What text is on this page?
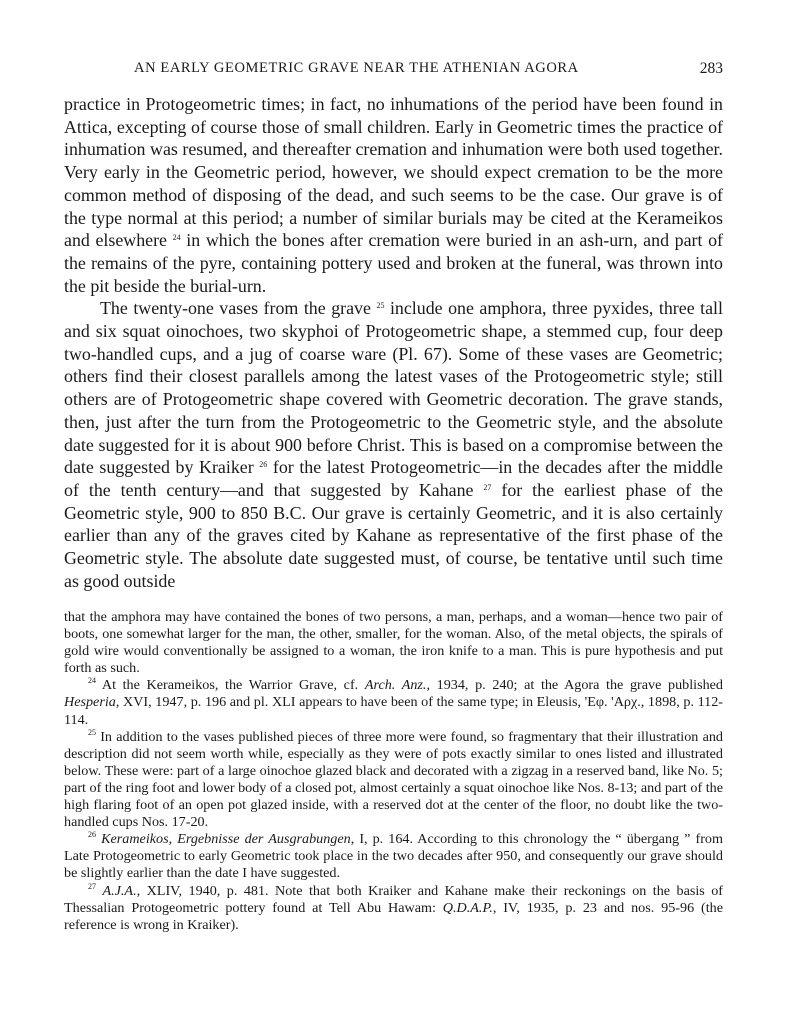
AN EARLY GEOMETRIC GRAVE NEAR THE ATHENIAN AGORA	283

practice in Protogeometric times; in fact, no inhumations of the period have been found in Attica, excepting of course those of small children. Early in Geometric times the practice of inhumation was resumed, and thereafter cremation and inhumation were both used together. Very early in the Geometric period, however, we should expect cremation to be the more common method of disposing of the dead, and such seems to be the case. Our grave is of the type normal at this period; a number of similar burials may be cited at the Kerameikos and elsewhere $^{24}$ in which the bones after cremation were buried in an ash-urn, and part of the remains of the pyre, containing pottery used and broken at the funeral, was thrown into the pit beside the burial-urn.

The twenty-one vases from the grave $^{25}$ include one amphora, three pyxides, three tall and six squat oinochoes, two skyphoi of Protogeometric shape, a stemmed cup, four deep two-handled cups, and a jug of coarse ware (Pl. 67). Some of these vases are Geometric; others find their closest parallels among the latest vases of the Protogeometric style; still others are of Protogeometric shape covered with Geometric decoration. The grave stands, then, just after the turn from the Protogeometric to the Geometric style, and the absolute date suggested for it is about 900 before Christ. This is based on a compromise between the date suggested by Kraiker $^{26}$ for the latest Protogeometric—in the decades after the middle of the tenth century—and that suggested by Kahane $^{27}$ for the earliest phase of the Geometric style, 900 to 850 B.C. Our grave is certainly Geometric, and it is also certainly earlier than any of the graves cited by Kahane as representative of the first phase of the Geometric style. The absolute date suggested must, of course, be tentative until such time as good outside

that the amphora may have contained the bones of two persons, a man, perhaps, and a woman—hence two pair of boots, one somewhat larger for the man, the other, smaller, for the woman. Also, of the metal objects, the spirals of gold wire would conventionally be assigned to a woman, the iron knife to a man. This is pure hypothesis and put forth as such.

$^{24}$ At the Kerameikos, the Warrior Grave, cf. Arch. Anz., 1934, p. 240; at the Agora the grave published Hesperia, XVI, 1947, p. 196 and pl. XLI appears to have been of the same type; in Eleusis, 'Εφ. 'Αρχ., 1898, p. 112-114.

$^{25}$ In addition to the vases published pieces of three more were found, so fragmentary that their illustration and description did not seem worth while, especially as they were of pots exactly similar to ones listed and illustrated below. These were: part of a large oinochoe glazed black and decorated with a zigzag in a reserved band, like No. 5; part of the ring foot and lower body of a closed pot, almost certainly a squat oinochoe like Nos. 8-13; and part of the high flaring foot of an open pot glazed inside, with a reserved dot at the center of the floor, no doubt like the two-handled cups Nos. 17-20.

$^{26}$ Kerameikos, Ergebnisse der Ausgrabungen, I, p. 164. According to this chronology the “ übergang ” from Late Protogeometric to early Geometric took place in the two decades after 950, and consequently our grave should be slightly earlier than the date I have suggested.

$^{27}$ A.J.A., XLIV, 1940, p. 481. Note that both Kraiker and Kahane make their reckonings on the basis of Thessalian Protogeometric pottery found at Tell Abu Hawam: Q.D.A.P., IV, 1935, p. 23 and nos. 95-96 (the reference is wrong in Kraiker).
